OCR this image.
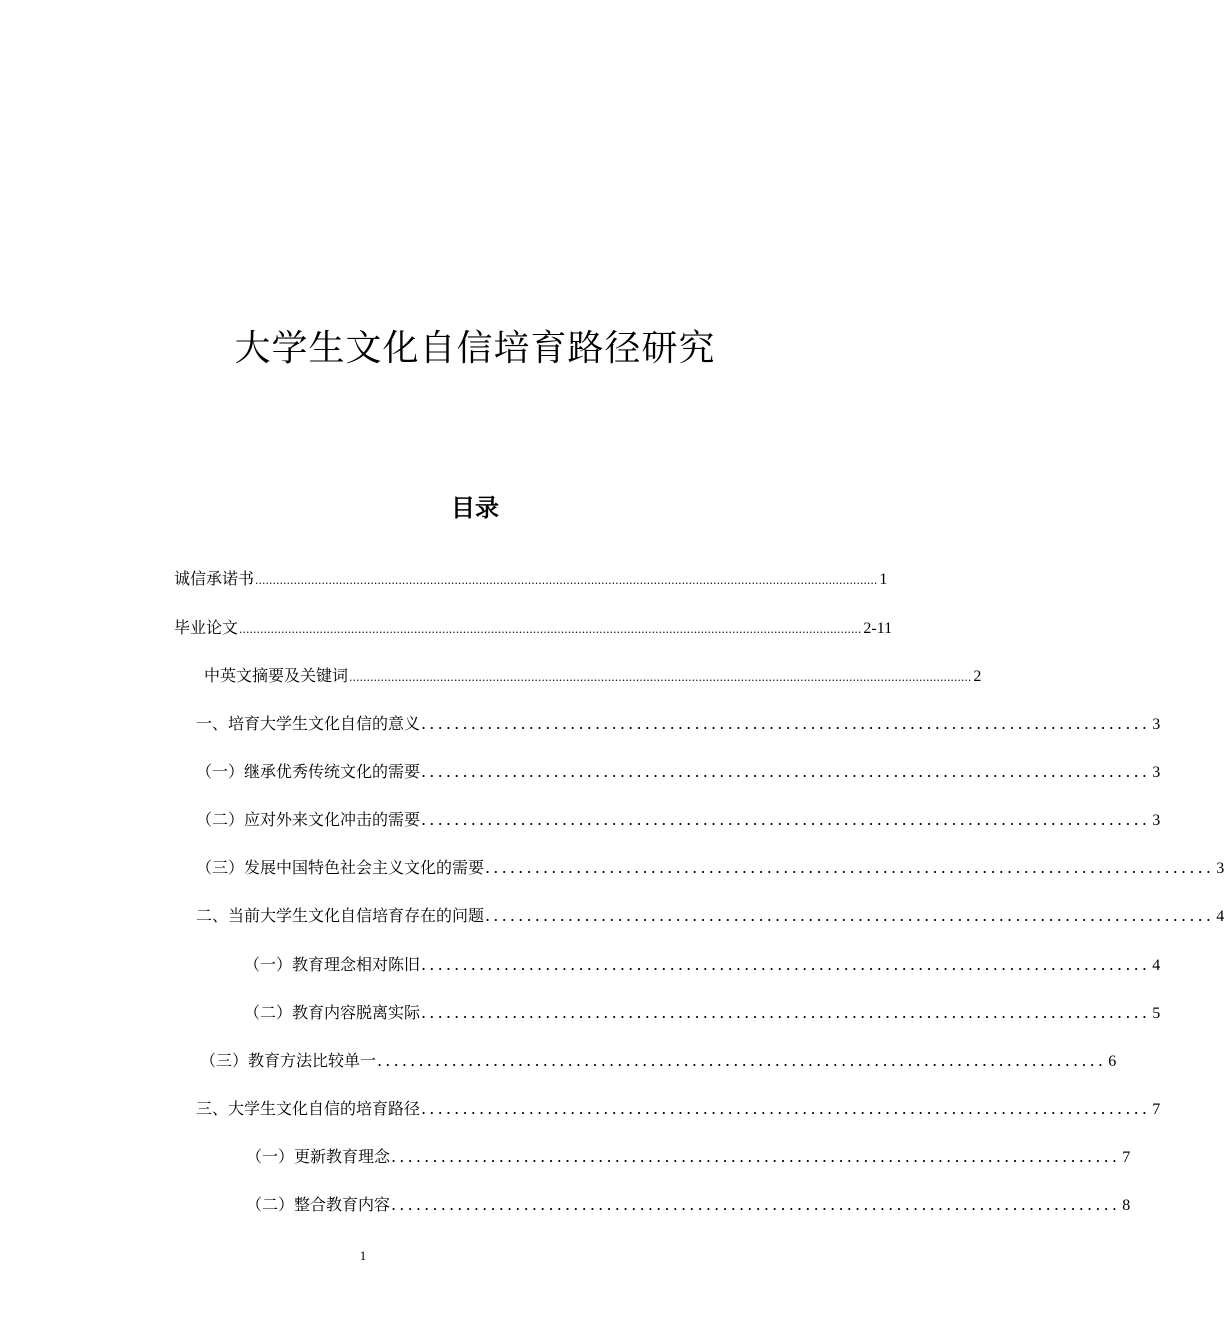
大学生文化自信培育路径研究
目录
诚信承诺书 .................................................................................................................................................................................. 1
毕业论文 .................................................................................................................................................................................. 2-11
中英文摘要及关键词 .................................................................................................................................................................................. 2
一、培育大学生文化自信的意义 ........................................................................................ 3
（一）继承优秀传统文化的需要 ........................................................................................ 3
（二）应对外来文化冲击的需要 ........................................................................................ 3
（三）发展中国特色社会主义文化的需要 ........................................................................................ 3
二、当前大学生文化自信培育存在的问题 ........................................................................................ 4
（一）教育理念相对陈旧 ........................................................................................ 4
（二）教育内容脱离实际 ........................................................................................ 5
（三）教育方法比较单一 ........................................................................................ 6
三、大学生文化自信的培育路径 ........................................................................................ 7
（一）更新教育理念 ........................................................................................ 7
（二）整合教育内容 ........................................................................................ 8
1
